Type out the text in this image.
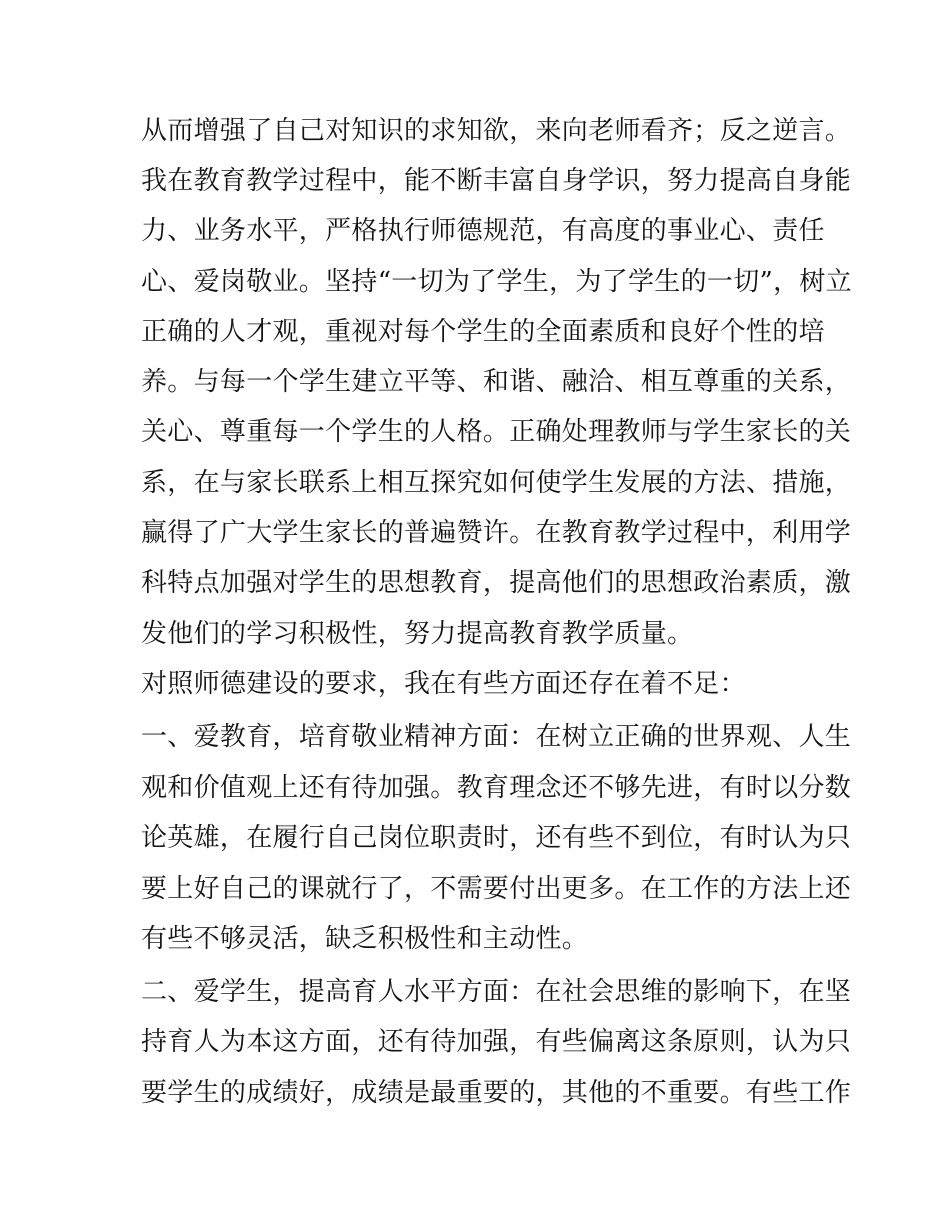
从而增强了自己对知识的求知欲，来向老师看齐；反之逆言。
我在教育教学过程中，能不断丰富自身学识，努力提高自身能
力、业务水平，严格执行师德规范，有高度的事业心、责任
心、爱岗敬业。坚持“一切为了学生，为了学生的一切”，树立
正确的人才观，重视对每个学生的全面素质和良好个性的培
养。与每一个学生建立平等、和谐、融洽、相互尊重的关系，
关心、尊重每一个学生的人格。正确处理教师与学生家长的关
系，在与家长联系上相互探究如何使学生发展的方法、措施，
赢得了广大学生家长的普遍赞许。在教育教学过程中，利用学
科特点加强对学生的思想教育，提高他们的思想政治素质，激
发他们的学习积极性，努力提高教育教学质量。
对照师德建设的要求，我在有些方面还存在着不足：
一、爱教育，培育敬业精神方面：在树立正确的世界观、人生
观和价值观上还有待加强。教育理念还不够先进，有时以分数
论英雄，在履行自己岗位职责时，还有些不到位，有时认为只
要上好自己的课就行了，不需要付出更多。在工作的方法上还
有些不够灵活，缺乏积极性和主动性。
二、爱学生，提高育人水平方面：在社会思维的影响下，在坚
持育人为本这方面，还有待加强，有些偏离这条原则，认为只
要学生的成绩好，成绩是最重要的，其他的不重要。有些工作
